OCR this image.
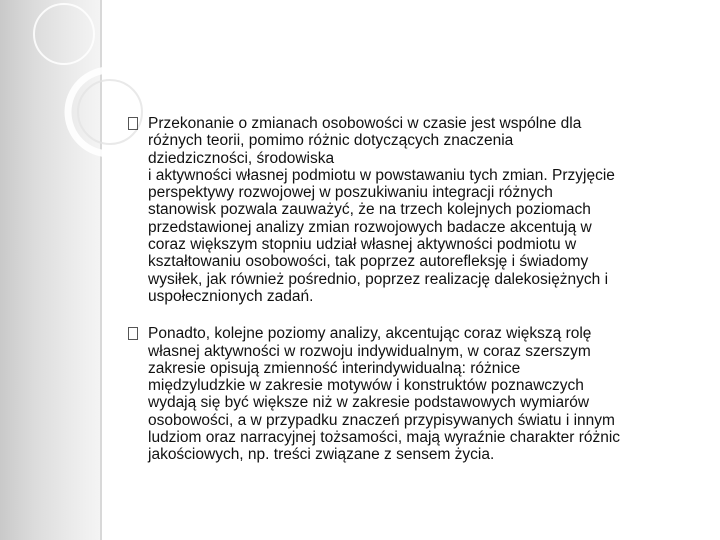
Przekonanie o zmianach osobowości w czasie jest wspólne dla
różnych teorii, pomimo różnic dotyczących znaczenia
dziedziczności, środowiska
i aktywności własnej podmiotu w powstawaniu tych zmian. Przyjęcie
perspektywy rozwojowej w poszukiwaniu integracji różnych
stanowisk pozwala zauważyć, że na trzech kolejnych poziomach
przedstawionej analizy zmian rozwojowych badacze akcentują w
coraz większym stopniu udział własnej aktywności podmiotu w
kształtowaniu osobowości, tak poprzez autorefleksję i świadomy
wysiłek, jak również pośrednio, poprzez realizację dalekosiężnych i
uspołecznionych zadań.

Ponadto, kolejne poziomy analizy, akcentując coraz większą rolę
własnej aktywności w rozwoju indywidualnym, w coraz szerszym
zakresie opisują zmienność interindywidualną: różnice
międzyludzkie w zakresie motywów i konstruktów poznawczych
wydają się być większe niż w zakresie podstawowych wymiarów
osobowości, a w przypadku znaczeń przypisywanych światu i innym
ludziom oraz narracyjnej tożsamości, mają wyraźnie charakter różnic
jakościowych, np. treści związane z sensem życia.
